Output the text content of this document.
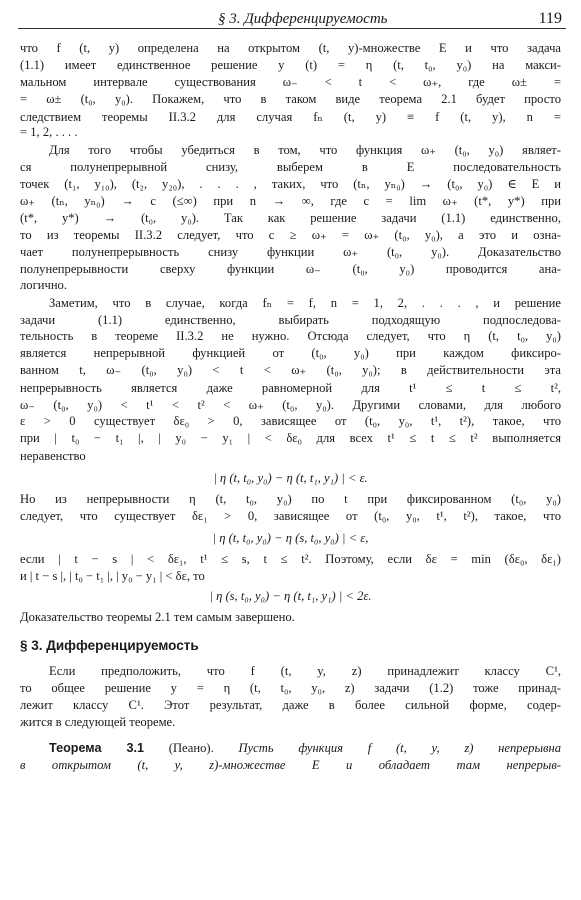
§ 3. Дифференцируемость	119
что f (t, y) определена на открытом (t, y)-множестве E и что задача
(1.1) имеет единственное решение y (t) = η (t, t₀, y₀) на макси-
мальном интервале существования ω₋ < t < ω₊, где ω± =
= ω± (t₀, y₀). Покажем, что в таком виде теорема 2.1 будет просто
следствием теоремы II.3.2 для случая fₙ (t, y) ≡ f (t, y), n =
= 1, 2, . . . .
Для того чтобы убедиться в том, что функция ω₊ (t₀, y₀) являет-
ся полунепрерывной снизу, выберем в E последовательность
точек (t₁, y₁₀), (t₂, y₂₀), . . . , таких, что (tₙ, yₙ₀) → (t₀, y₀) ∈ E и
ω₊ (tₙ, yₙ₀) → c (≤∞) при n → ∞, где c = lim ω₊ (t*, y*) при
(t*, y*) → (t₀, y₀). Так как решение задачи (1.1) единственно,
то из теоремы II.3.2 следует, что c ≥ ω₊ = ω₊ (t₀, y₀), а это и озна-
чает полунепрерывность снизу функции ω₊ (t₀, y₀). Доказательство
полунепрерывности сверху функции ω₋ (t₀, y₀) проводится ана-
логично.
Заметим, что в случае, когда fₙ = f, n = 1, 2, . . . , и решение
задачи (1.1) единственно, выбирать подходящую подпоследова-
тельность в теореме II.3.2 не нужно. Отсюда следует, что η (t, t₀, y₀)
является непрерывной функцией от (t₀, y₀) при каждом фиксиро-
ванном t, ω₋ (t₀, y₀) < t < ω₊ (t₀, y₀); в действительности эта
непрерывность является даже равномерной для t¹ ≤ t ≤ t²,
ω₋ (t₀, y₀) < t¹ < t² < ω₊ (t₀, y₀). Другими словами, для любого
ε > 0 существует δε₀ > 0, зависящее от (t₀, y₀, t¹, t²), такое, что
при | t₀ − t₁ |, | y₀ − y₁ | < δε₀ для всех t¹ ≤ t ≤ t² выполняется
неравенство
| η (t, t₀, y₀) − η (t, t₁, y₁) | < ε.
Но из непрерывности η (t, t₀, y₀) по t при фиксированном (t₀, y₀)
следует, что существует δε₁ > 0, зависящее от (t₀, y₀, t¹, t²), такое, что
| η (t, t₀, y₀) − η (s, t₀, y₀) | < ε,
§ 3. Дифференцируемость
если | t − s | < δε₁, t¹ ≤ s, t ≤ t². Поэтому, если δε = min (δε₀, δε₁)
и | t − s |, | t₀ − t₁ |, | y₀ − y₁ | < δε, то
| η (s, t₀, y₀) − η (t, t₁, y₁) | < 2ε.
Доказательство теоремы 2.1 тем самым завершено.
Если предположить, что f (t, y, z) принадлежит классу C¹,
то общее решение y = η (t, t₀, y₀, z) задачи (1.2) тоже принад-
лежит классу C¹. Этот результат, даже в более сильной форме, содер-
жится в следующей теореме.
Теорема 3.1 (Пеано). Пусть функция f (t, y, z) непрерывна
в открытом (t, y, z)-множестве E и обладает там непрерыв-
